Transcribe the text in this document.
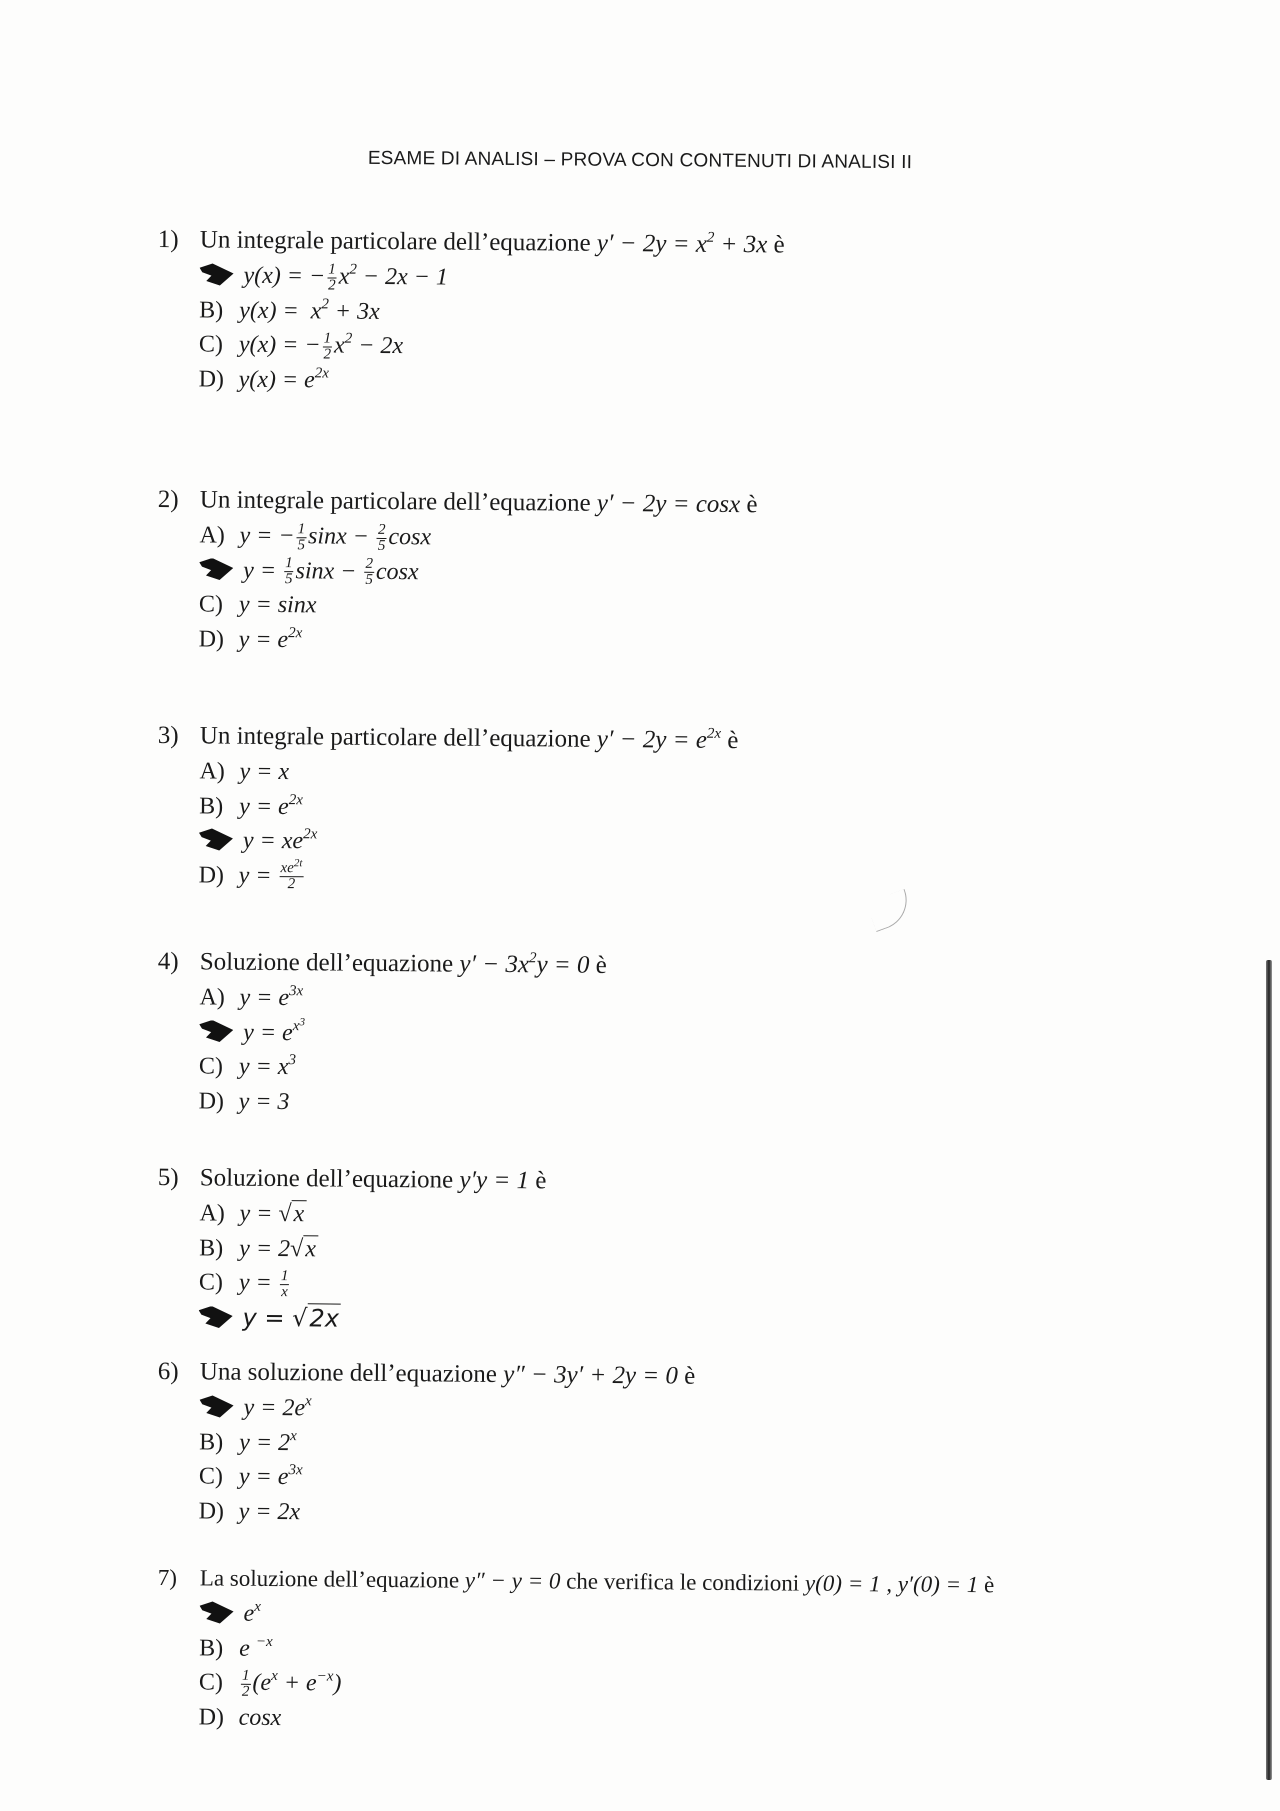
ESAME DI ANALISI – PROVA CON CONTENUTI DI ANALISI II
1) Un integrale particolare dell’equazione $y' - 2y = x^2 + 3x$ è
y(x) = − $\frac{1}{2} x^2 - 2x - 1$
B) $y(x) = x^2 + 3x$
C) y(x) = − $\frac{1}{2} x^2 - 2x$
D) $y(x) = e^{2x}$
2) Un integrale particolare dell’equazione y′ − 2y = cosx è
A) y = − $\frac{1}{5}$ $\sin x - \frac{2}{5}$ cosx
$y = \frac{1}{5}$ $\sin x - \frac{2}{5}$ cosx
C) y = sinx
D) $y = e^{2x}$
3) Un integrale particolare dell’equazione $y' - 2y = e^{2x}$ è
A) y = x
B) $y = e^{2x}$
$y = xe^{2x}$
D) $y = \frac{xe^{2t}}{2}$
4) Soluzione dell’equazione $y' - 3x^2y = 0$ è
A) $y = e^{3x}$
$y = e^{x^3}$
C) $y = x^3$
D) y = 3
5) Soluzione dell’equazione y′y = 1 è
A) y = √x
B) y = 2√x
C) $y = \frac{1}{x}$
y = √2x
6) Una soluzione dell’equazione y″ − 3y′ + 2y = 0 è
$y = 2e^x$
B) $y = 2^x$
C) $y = e^{3x}$
D) y = 2x
7) La soluzione dell’equazione y″ − y = 0 che verifica le condizioni y(0) = 1 , y′(0) = 1 è
$e^x$
B) e $^{-x}$
$C) \frac{1}{2} (e^x + e^{-x})$
D) cosx
